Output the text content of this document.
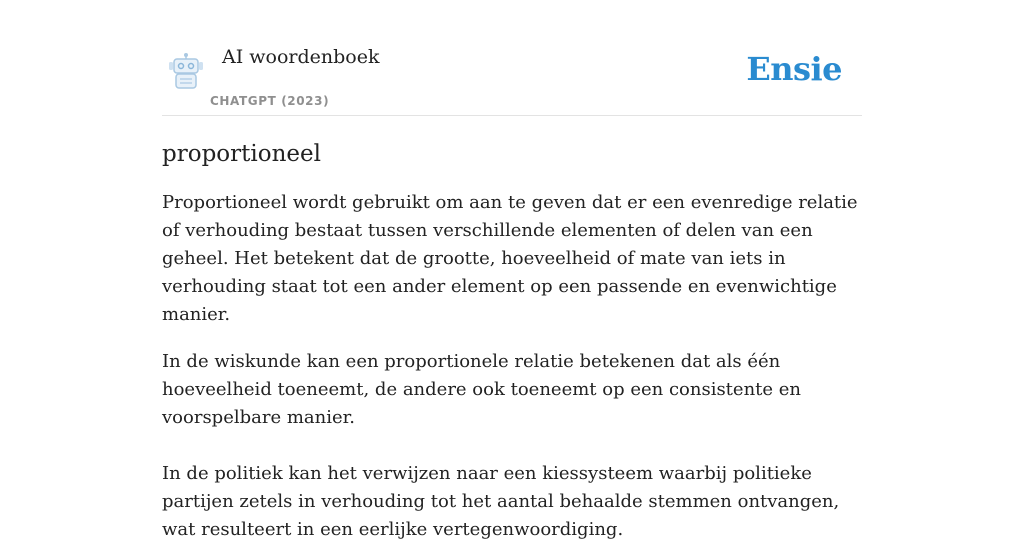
AI woordenboek
CHATGPT (2023)
Ensie
proportioneel

Proportioneel wordt gebruikt om aan te geven dat er een evenredige relatie of verhouding bestaat tussen verschillende elementen of delen van een geheel. Het betekent dat de grootte, hoeveelheid of mate van iets in verhouding staat tot een ander element op een passende en evenwichtige manier.

In de wiskunde kan een proportionele relatie betekenen dat als één hoeveelheid toeneemt, de andere ook toeneemt op een consistente en voorspelbare manier.

In de politiek kan het verwijzen naar een kiessysteem waarbij politieke partijen zetels in verhouding tot het aantal behaalde stemmen ontvangen, wat resulteert in een eerlijke vertegenwoordiging.
